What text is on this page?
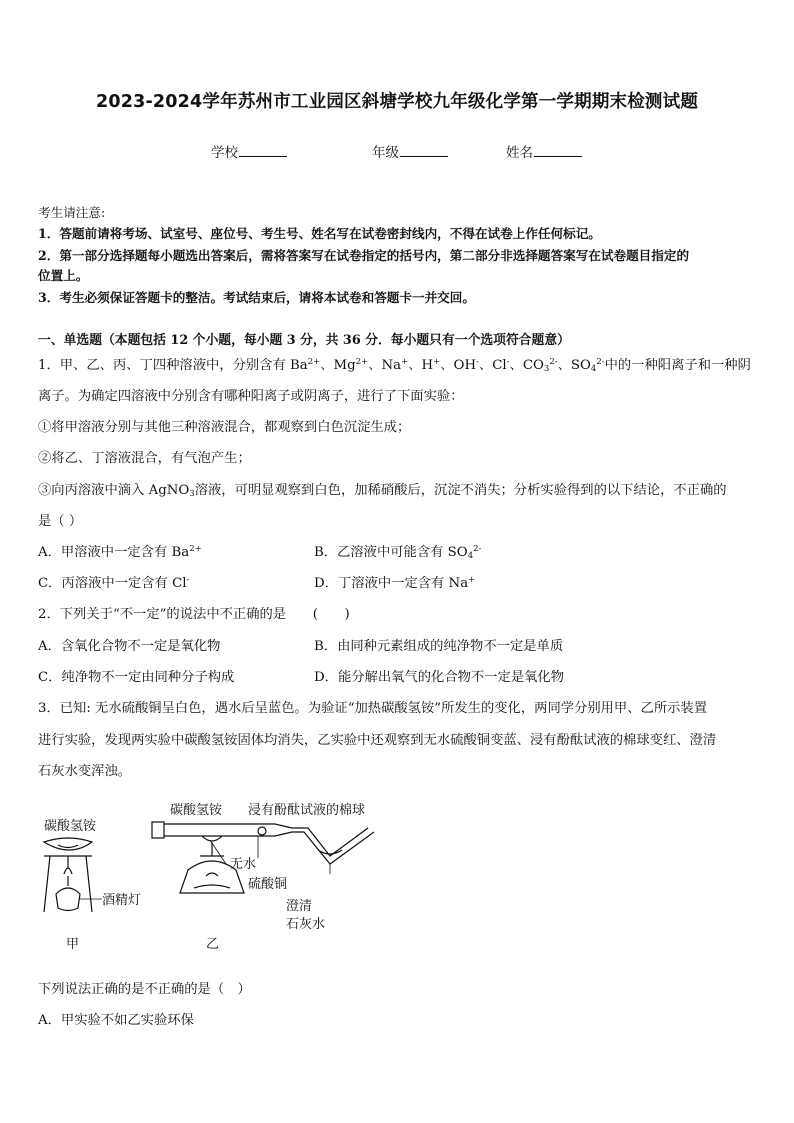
2023-2024学年苏州市工业园区斜塘学校九年级化学第一学期期末检测试题
学校	年级	姓名
考生请注意:
1．答题前请将考场、试室号、座位号、考生号、姓名写在试卷密封线内，不得在试卷上作任何标记。
2．第一部分选择题每小题选出答案后，需将答案写在试卷指定的括号内，第二部分非选择题答案写在试卷题目指定的
位置上。
3．考生必须保证答题卡的整洁。考试结束后，请将本试卷和答题卡一并交回。
一、单选题（本题包括 12 个小题，每小题 3 分，共 36 分．每小题只有一个选项符合题意）
1．甲、乙、丙、丁四种溶液中，分别含有 $Ba^{2+}$、$Mg^{2+}$、Na+、H+、OH-、Cl-、$CO_3^{2-}$、$SO_4^{2-}$中的一种阳离子和一种阴
离子。为确定四溶液中分别含有哪种阳离子或阴离子，进行了下面实验：
①将甲溶液分别与其他三种溶液混合，都观察到白色沉淀生成；
②将乙、丁溶液混合，有气泡产生；
③向丙溶液中滴入 AgNO$_3$溶液，可明显观察到白色，加稀硝酸后，沉淀不消失；分析实验得到的以下结论，不正确的
是（ ）
A．甲溶液中一定含有 $Ba^{2+}$	B．乙溶液中可能含有 $SO_4^{2-}$
C．丙溶液中一定含有 Cl-	D．丁溶液中一定含有 Na+
2．下列关于“不一定”的说法中不正确的是　　(　　)
A．含氧化合物不一定是氧化物	B．由同种元素组成的纯净物不一定是单质
C．纯净物不一定由同种分子构成	D．能分解出氧气的化合物不一定是氧化物
3．已知: 无水硫酸铜呈白色，遇水后呈蓝色。为验证“加热碳酸氢铵”所发生的变化，两同学分别用甲、乙所示装置
进行实验，发现两实验中碳酸氢铵固体均消失，乙实验中还观察到无水硫酸铜变蓝、浸有酚酞试液的棉球变红、澄清
石灰水变浑浊。
碳酸氢铵
酒精灯
甲
碳酸氢铵 浸有酚酞试液的棉球
无水
硫酸铜
澄清
石灰水
乙
下列说法正确的是不正确的是（　）
A．甲实验不如乙实验环保
